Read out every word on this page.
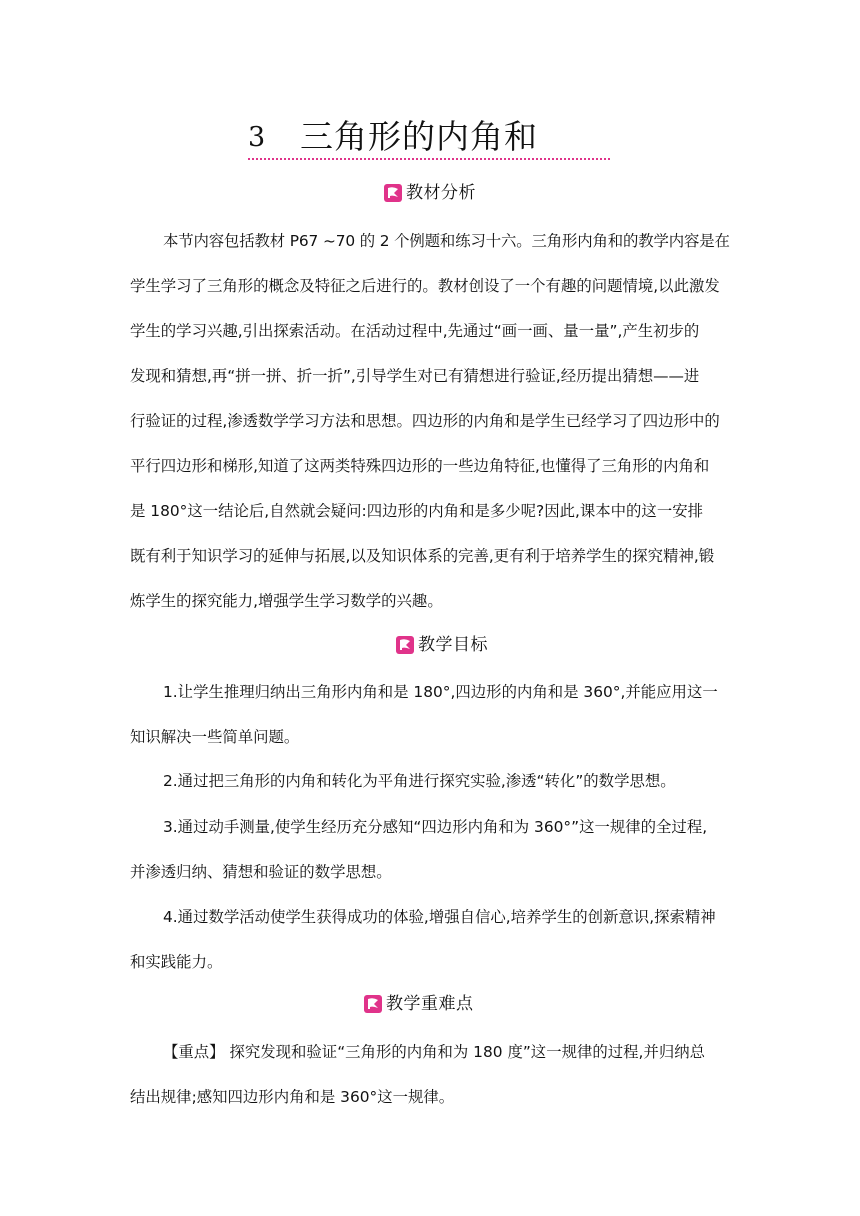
3 三角形的内角和
教材分析
本节内容包括教材 P67 ~70 的 2 个例题和练习十六。三角形内角和的教学内容是在
学生学习了三角形的概念及特征之后进行的。教材创设了一个有趣的问题情境,以此激发
学生的学习兴趣,引出探索活动。在活动过程中,先通过“画一画、量一量”,产生初步的
发现和猜想,再“拼一拼、折一折”,引导学生对已有猜想进行验证,经历提出猜想——进
行验证的过程,渗透数学学习方法和思想。四边形的内角和是学生已经学习了四边形中的
平行四边形和梯形,知道了这两类特殊四边形的一些边角特征,也懂得了三角形的内角和
是 180°这一结论后,自然就会疑问:四边形的内角和是多少呢?因此,课本中的这一安排
既有利于知识学习的延伸与拓展,以及知识体系的完善,更有利于培养学生的探究精神,锻
炼学生的探究能力,增强学生学习数学的兴趣。
教学目标
1.让学生推理归纳出三角形内角和是 180°,四边形的内角和是 360°,并能应用这一
知识解决一些简单问题。
2.通过把三角形的内角和转化为平角进行探究实验,渗透“转化”的数学思想。
3.通过动手测量,使学生经历充分感知“四边形内角和为 360°”这一规律的全过程,
并渗透归纳、猜想和验证的数学思想。
4.通过数学活动使学生获得成功的体验,增强自信心,培养学生的创新意识,探索精神
和实践能力。
教学重难点
【重点】 探究发现和验证“三角形的内角和为 180 度”这一规律的过程,并归纳总
结出规律;感知四边形内角和是 360°这一规律。
